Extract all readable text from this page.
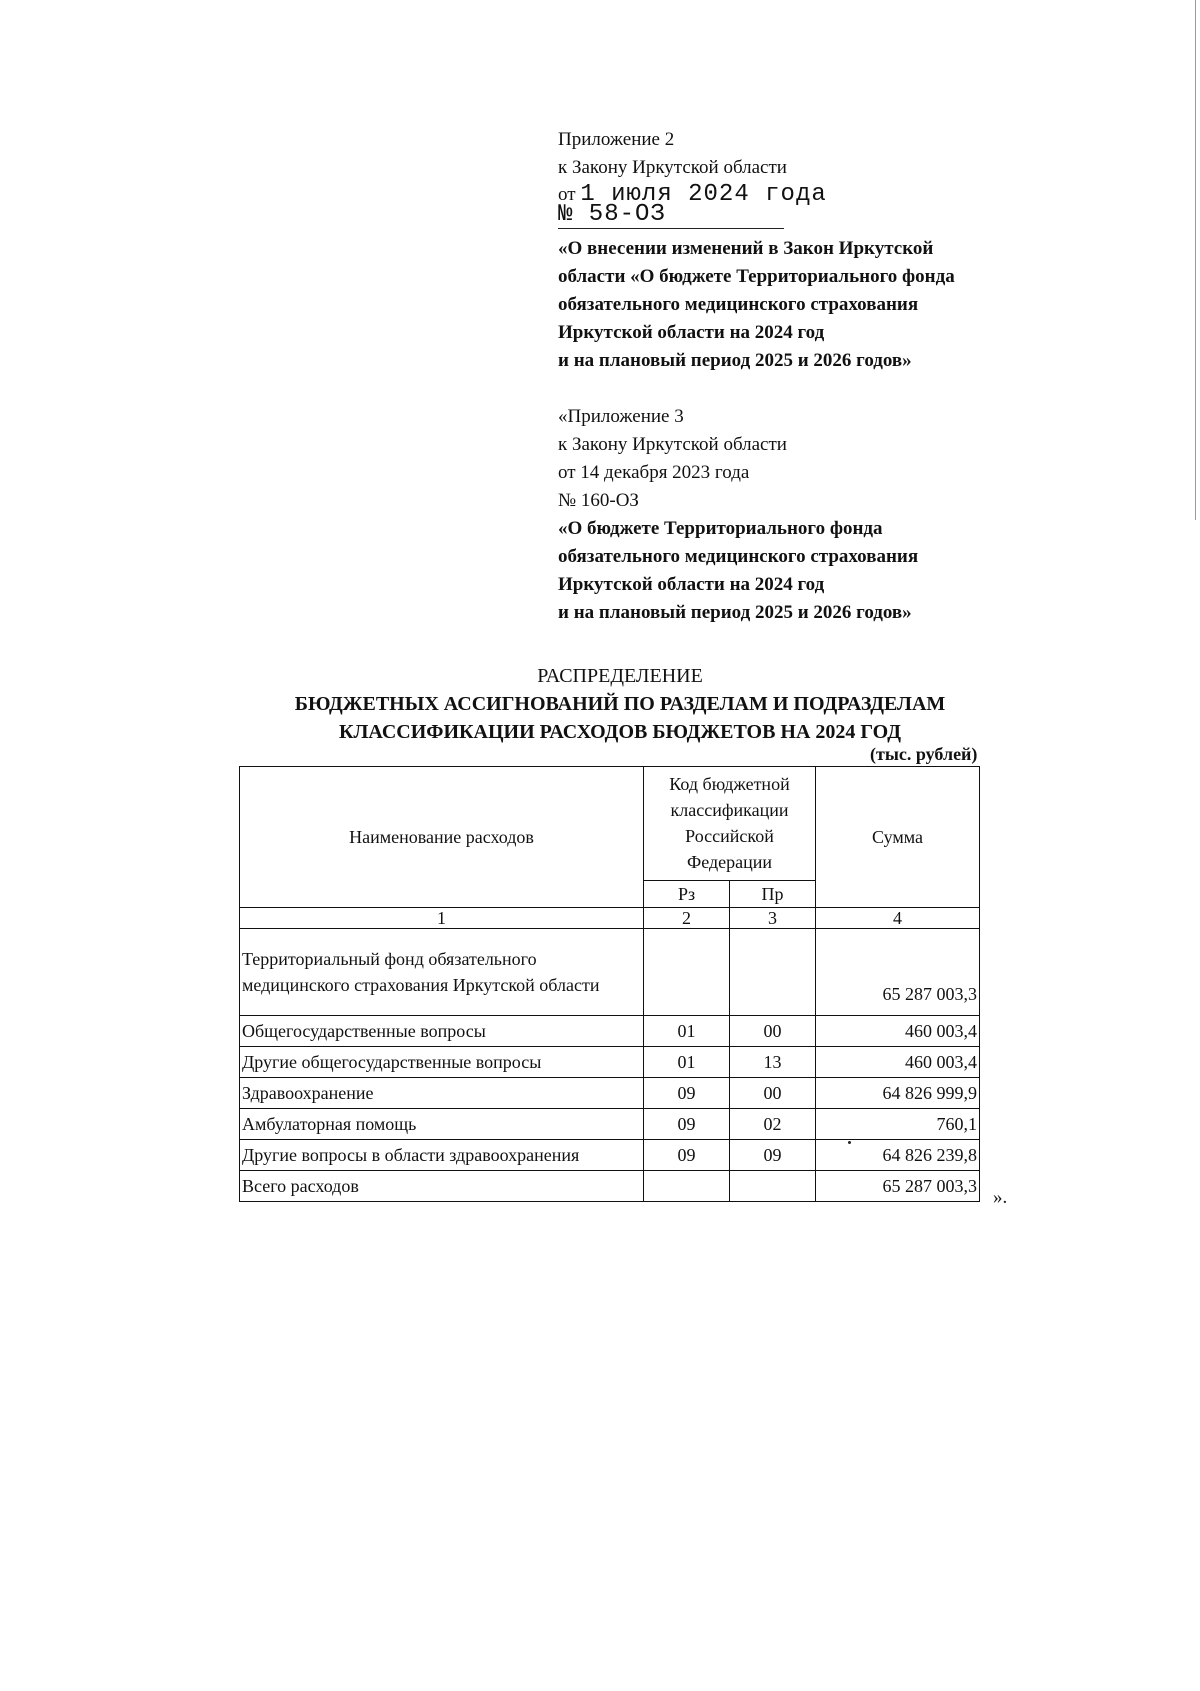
Приложение 2
к Закону Иркутской области
от 1 июля 2024 года
№ 58-ОЗ
«О внесении изменений в Закон Иркутской
области «О бюджете Территориального фонда
обязательного медицинского страхования
Иркутской области на 2024 год
и на плановый период 2025 и 2026 годов»
«Приложение 3
к Закону Иркутской области
от 14 декабря 2023 года
№ 160-ОЗ
«О бюджете Территориального фонда
обязательного медицинского страхования
Иркутской области на 2024 год
и на плановый период 2025 и 2026 годов»
РАСПРЕДЕЛЕНИЕ
БЮДЖЕТНЫХ АССИГНОВАНИЙ ПО РАЗДЕЛАМ И ПОДРАЗДЕЛАМ
КЛАССИФИКАЦИИ РАСХОДОВ БЮДЖЕТОВ НА 2024 ГОД
(тыс. рублей)
Наименование расходов	Код бюджетной классификации Российской Федерации		Сумма
	Рз	Пр	
1	2	3	4
Территориальный фонд обязательного медицинского страхования Иркутской области			65 287 003,3
Общегосударственные вопросы	01	00	460 003,4
Другие общегосударственные вопросы	01	13	460 003,4
Здравоохранение	09	00	64 826 999,9
Амбулаторная помощь	09	02	760,1
Другие вопросы в области здравоохранения	09	09	64 826 239,8
Всего расходов			65 287 003,3
».
